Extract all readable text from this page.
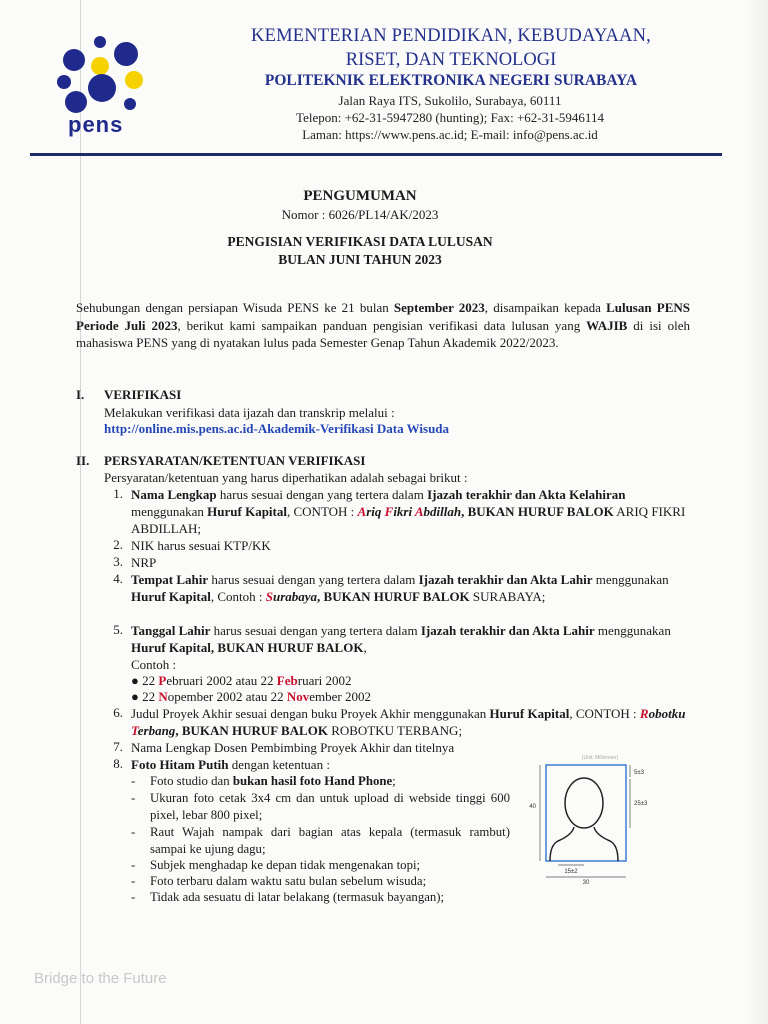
pens
KEMENTERIAN PENDIDIKAN, KEBUDAYAAN,
RISET, DAN TEKNOLOGI
POLITEKNIK ELEKTRONIKA NEGERI SURABAYA
Jalan Raya ITS, Sukolilo, Surabaya, 60111
Telepon: +62-31-5947280 (hunting); Fax: +62-31-5946114
Laman: https://www.pens.ac.id; E-mail: info@pens.ac.id
PENGUMUMAN
Nomor : 6026/PL14/AK/2023
PENGISIAN VERIFIKASI DATA LULUSAN
BULAN JUNI TAHUN 2023
Sehubungan dengan persiapan Wisuda PENS ke 21 bulan September 2023, disampaikan kepada Lulusan PENS Periode Juli 2023, berikut kami sampaikan panduan pengisian verifikasi data lulusan yang WAJIB di isi oleh mahasiswa PENS yang di nyatakan lulus pada Semester Genap Tahun Akademik 2022/2023.
I. VERIFIKASI
Melakukan verifikasi data ijazah dan transkrip melalui :
http://online.mis.pens.ac.id-Akademik-Verifikasi Data Wisuda
II. PERSYARATAN/KETENTUAN VERIFIKASI
Persyaratan/ketentuan yang harus diperhatikan adalah sebagai brikut :
1. Nama Lengkap harus sesuai dengan yang tertera dalam Ijazah terakhir dan Akta Kelahiran menggunakan Huruf Kapital, CONTOH : Ariq Fikri Abdillah, BUKAN HURUF BALOK ARIQ FIKRI ABDILLAH;
2. NIK harus sesuai KTP/KK
3. NRP
4. Tempat Lahir harus sesuai dengan yang tertera dalam Ijazah terakhir dan Akta Lahir menggunakan Huruf Kapital, Contoh : Surabaya, BUKAN HURUF BALOK SURABAYA;
5. Tanggal Lahir harus sesuai dengan yang tertera dalam Ijazah terakhir dan Akta Lahir menggunakan Huruf Kapital, BUKAN HURUF BALOK,
Contoh :
● 22 Pebruari 2002 atau 22 Februari 2002
● 22 Nopember 2002 atau 22 November 2002
6. Judul Proyek Akhir sesuai dengan buku Proyek Akhir menggunakan Huruf Kapital, CONTOH : Robotku Terbang, BUKAN HURUF BALOK ROBOTKU TERBANG;
7. Nama Lengkap Dosen Pembimbing Proyek Akhir dan titelnya
8. Foto Hitam Putih dengan ketentuan :
- Foto studio dan bukan hasil foto Hand Phone;
- Ukuran foto cetak 3x4 cm dan untuk upload di webside tinggi 600 pixel, lebar 800 pixel;
- Raut Wajah nampak dari bagian atas kepala (termasuk rambut) sampai ke ujung dagu;
- Subjek menghadap ke depan tidak mengenakan topi;
- Foto terbaru dalam waktu satu bulan sebelum wisuda;
- Tidak ada sesuatu di latar belakang (termasuk bayangan);
(Unit: Millimeter)
40
5±3
25±3
15±2
30
Bridge to the Future
